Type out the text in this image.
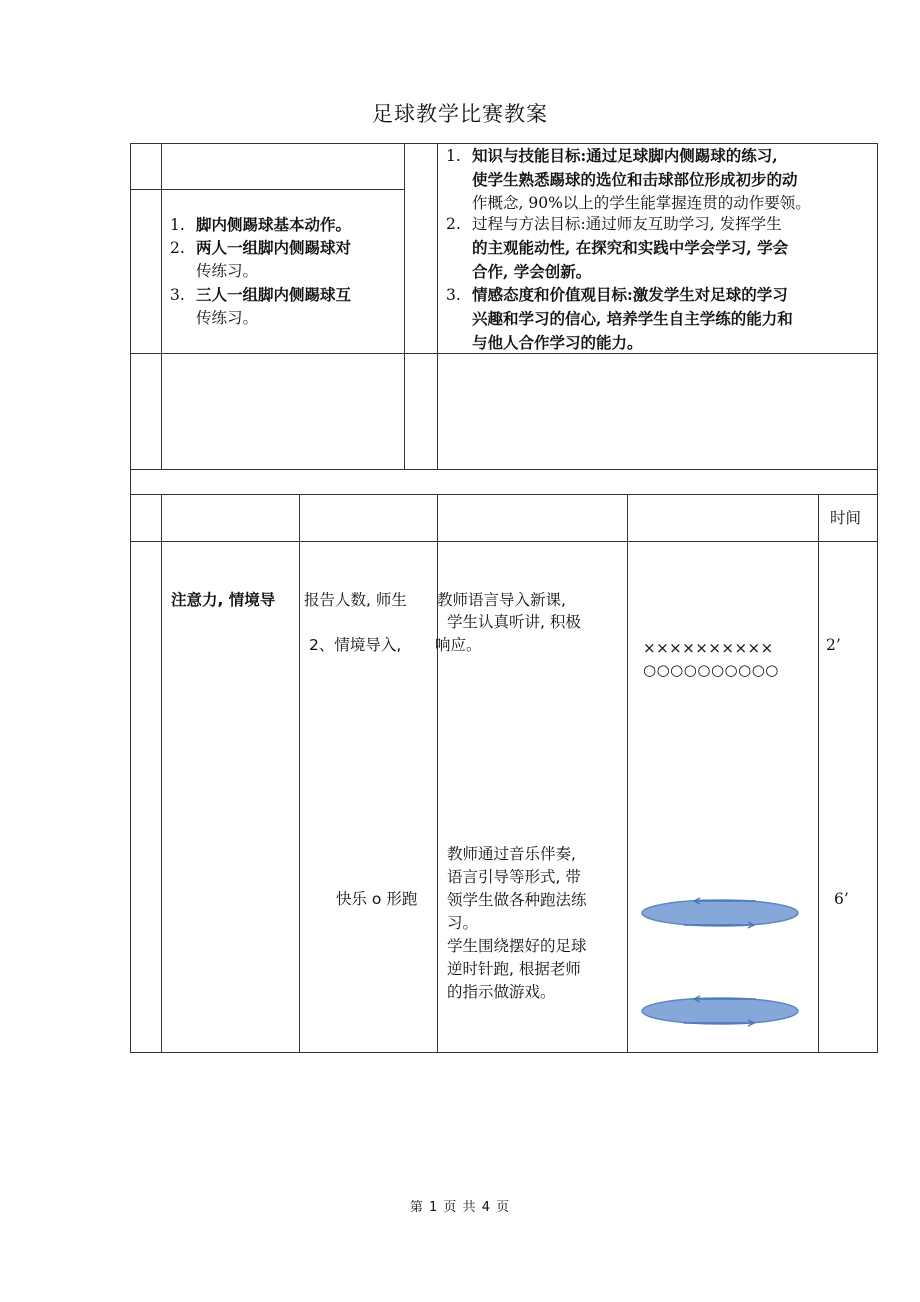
足球教学比赛教案
1. 脚内侧踢球基本动作。
2. 两人一组脚内侧踢球对
传练习。
3. 三人一组脚内侧踢球互
传练习。
1. 知识与技能目标:通过足球脚内侧踢球的练习,
使学生熟悉踢球的选位和击球部位形成初步的动
作概念, 90%以上的学生能掌握连贯的动作要领。
2. 过程与方法目标:通过师友互助学习, 发挥学生
的主观能动性, 在探究和实践中学会学习, 学会
合作, 学会创新。
3. 情感态度和价值观目标:激发学生对足球的学习
兴趣和学习的信心, 培养学生自主学练的能力和
与他人合作学习的能力。
时间
注意力, 情境导 报告人数, 师生
2、情境导入,
教师语言导入新课,
学生认真听讲, 积极
响应。	××××××××××
○○○○○○○○○○
2’
快乐 o 形跑
教师通过音乐伴奏,
语言引导等形式, 带
领学生做各种跑法练
习。
学生围绕摆好的足球
逆时针跑, 根据老师
的指示做游戏。
6’
第 1 页 共 4 页
